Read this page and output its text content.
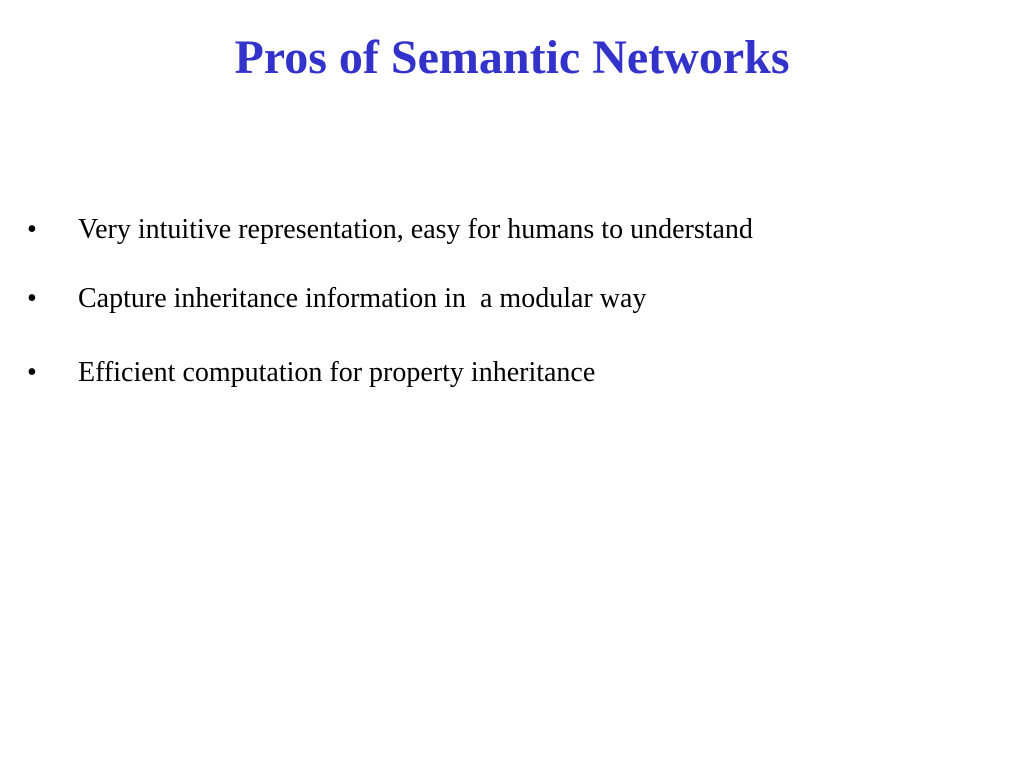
Pros of Semantic Networks
• Very intuitive representation, easy for humans to understand
• Capture inheritance information in  a modular way
• Efficient computation for property inheritance
